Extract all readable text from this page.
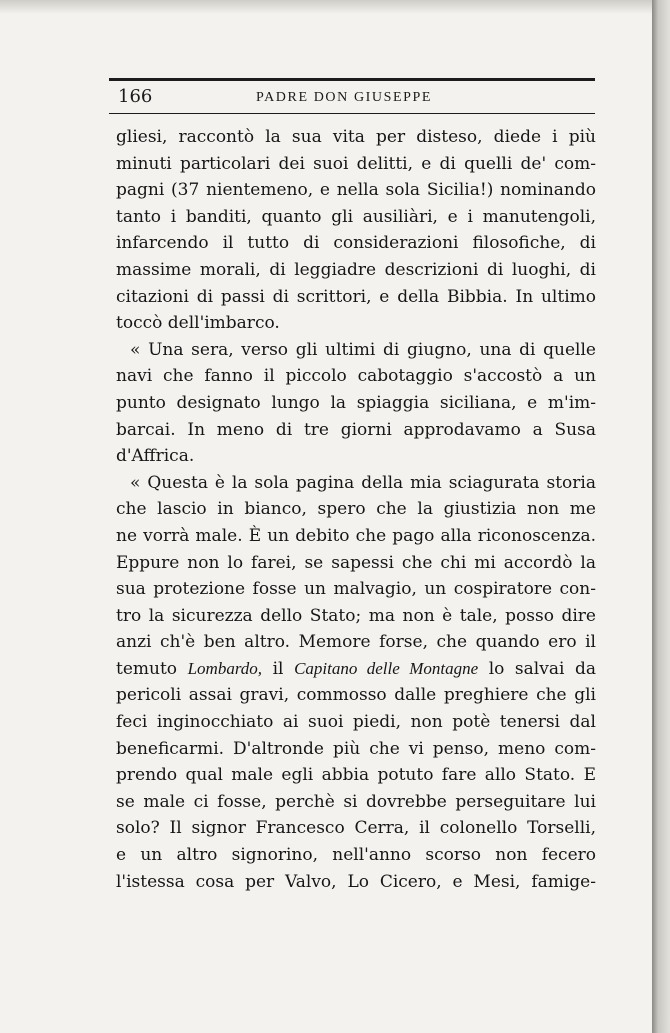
166	PADRE DON GIUSEPPE
gliesi, raccontò la sua vita per disteso, diede i più
minuti particolari dei suoi delitti, e di quelli de' com-
pagni (37 nientemeno, e nella sola Sicilia!) nominando
tanto i banditi, quanto gli ausiliàri, e i manutengoli,
infarcendo il tutto di considerazioni filosofiche, di
massime morali, di leggiadre descrizioni di luoghi, di
citazioni di passi di scrittori, e della Bibbia. In ultimo
toccò dell'imbarco.
« Una sera, verso gli ultimi di giugno, una di quelle
navi che fanno il piccolo cabotaggio s'accostò a un
punto designato lungo la spiaggia siciliana, e m'im-
barcai. In meno di tre giorni approdavamo a Susa
d'Affrica.
« Questa è la sola pagina della mia sciagurata storia
che lascio in bianco, spero che la giustizia non me
ne vorrà male. È un debito che pago alla riconoscenza.
Eppure non lo farei, se sapessi che chi mi accordò la
sua protezione fosse un malvagio, un cospiratore con-
tro la sicurezza dello Stato; ma non è tale, posso dire
anzi ch'è ben altro. Memore forse, che quando ero il
temuto Lombardo, il Capitano delle Montagne lo salvai da
pericoli assai gravi, commosso dalle preghiere che gli
feci inginocchiato ai suoi piedi, non potè tenersi dal
beneficarmi. D'altronde più che vi penso, meno com-
prendo qual male egli abbia potuto fare allo Stato. E
se male ci fosse, perchè si dovrebbe perseguitare lui
solo? Il signor Francesco Cerra, il colonello Torselli,
e un altro signorino, nell'anno scorso non fecero
l'istessa cosa per Valvo, Lo Cicero, e Mesi, famige-
